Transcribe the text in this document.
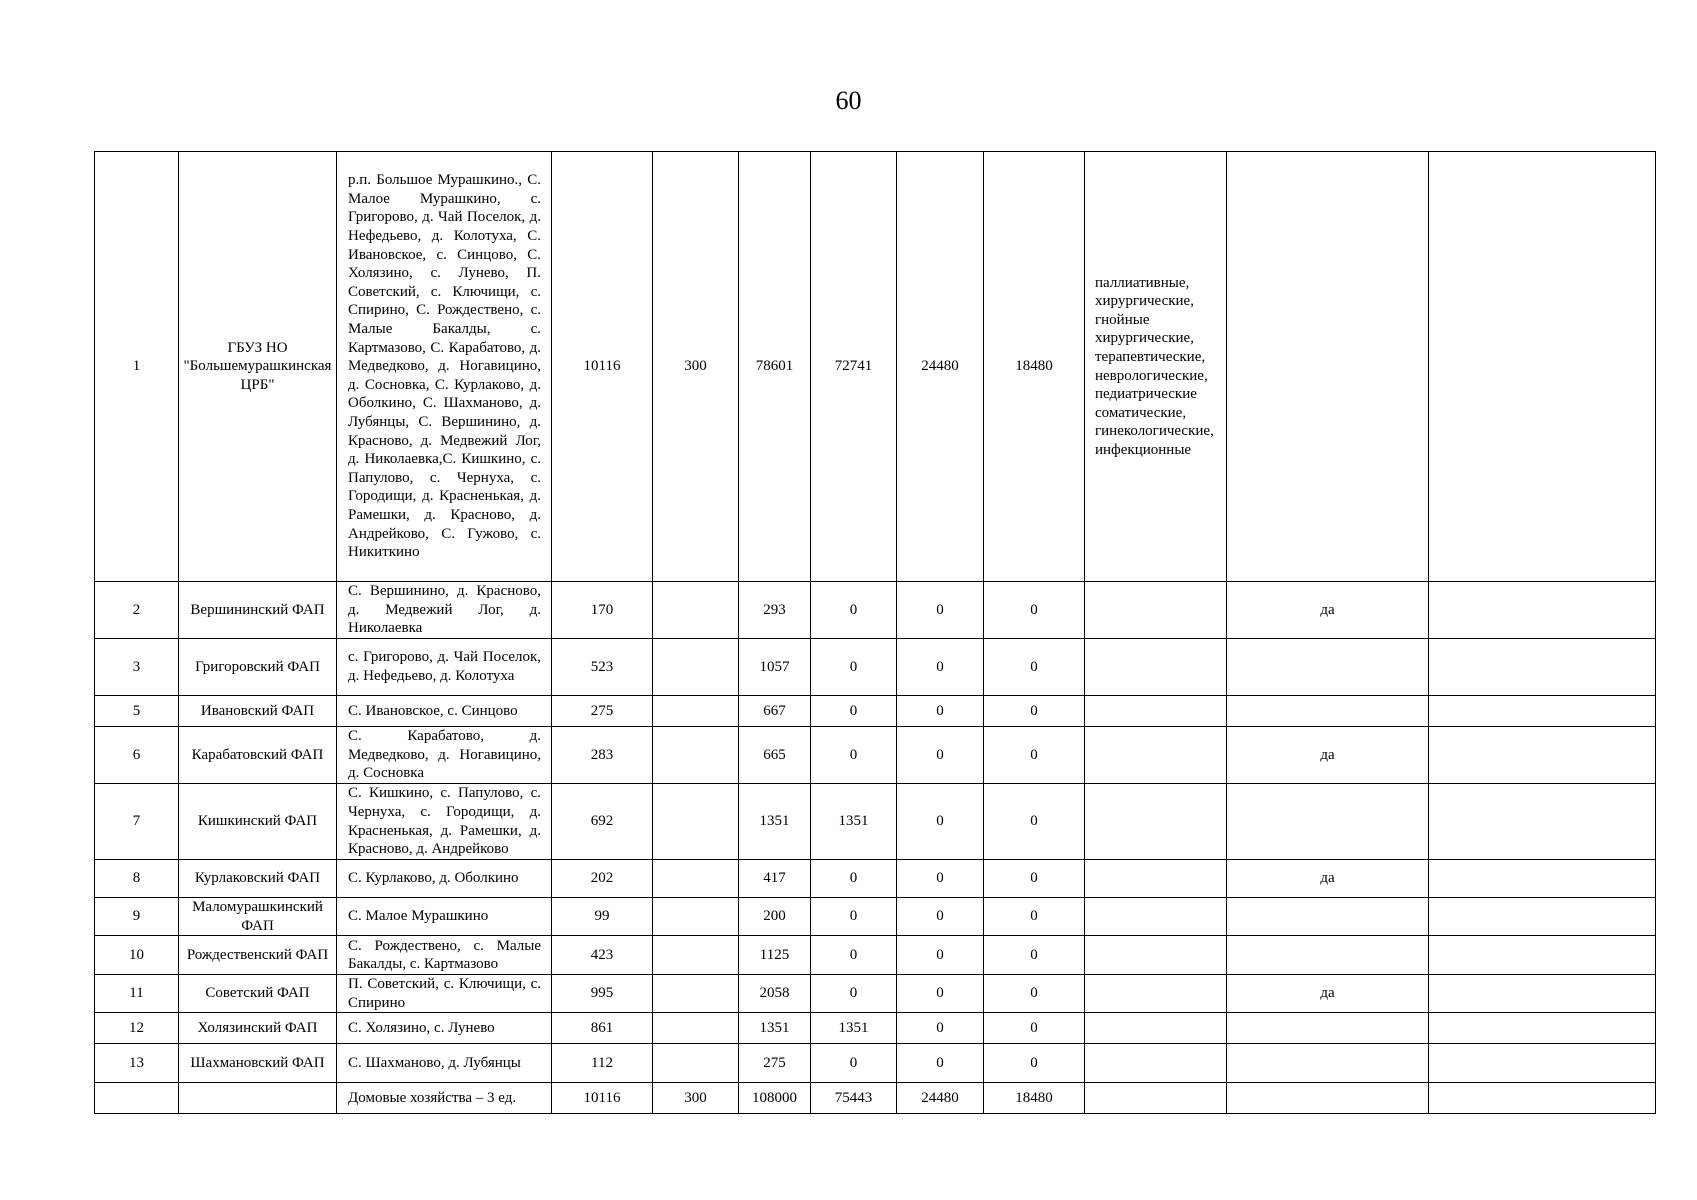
60
1	ГБУЗ НО "Большемурашкинская ЦРБ"	р.п. Большое Мурашкино., С. Малое Мурашкино, с. Григорово, д. Чай Поселок, д. Нефедьево, д. Колотуха, С. Ивановское, с. Синцово, С. Холязино, с. Лунево, П. Советский, с. Ключищи, с. Спирино, С. Рождествено, с. Малые Бакалды, с. Картмазово, С. Карабатово, д. Медведково, д. Ногавицино, д. Сосновка, С. Курлаково, д. Оболкино, С. Шахманово, д. Лубянцы, С. Вершинино, д. Красново, д. Медвежий Лог, д. Николаевка,С. Кишкино, с. Папулово, с. Чернуха, с. Городищи, д. Красненькая, д. Рамешки, д. Красново, д. Андрейково, С. Гужово, с. Никиткино	10116	300	78601	72741	24480	18480	паллиативные, хирургические, гнойные хирургические, терапевтические, неврологические, педиатрические соматические, гинекологические, инфекционные		
2	Вершининский ФАП	С. Вершинино, д. Красново, д. Медвежий Лог, д. Николаевка	170		293	0	0	0		да	
3	Григоровский ФАП	с. Григорово, д. Чай Поселок, д. Нефедьево, д. Колотуха	523		1057	0	0	0			
5	Ивановский ФАП	С. Ивановское, с. Синцово	275		667	0	0	0			
6	Карабатовский ФАП	С. Карабатово, д. Медведково, д. Ногавицино, д. Сосновка	283		665	0	0	0		да	
7	Кишкинский ФАП	С. Кишкино, с. Папулово, с. Чернуха, с. Городищи, д. Красненькая, д. Рамешки, д. Красново, д. Андрейково	692		1351	1351	0	0			
8	Курлаковский ФАП	С. Курлаково, д. Оболкино	202		417	0	0	0		да	
9	Маломурашкинский ФАП	С. Малое Мурашкино	99		200	0	0	0			
10	Рождественский ФАП	С. Рождествено, с. Малые Бакалды, с. Картмазово	423		1125	0	0	0			
11	Советский ФАП	П. Советский, с. Ключищи, с. Спирино	995		2058	0	0	0		да	
12	Холязинский ФАП	С. Холязино, с. Лунево	861		1351	1351	0	0			
13	Шахмановский ФАП	С. Шахманово, д. Лубянцы	112		275	0	0	0			
		Домовые хозяйства – 3 ед.	10116	300	108000	75443	24480	18480			
